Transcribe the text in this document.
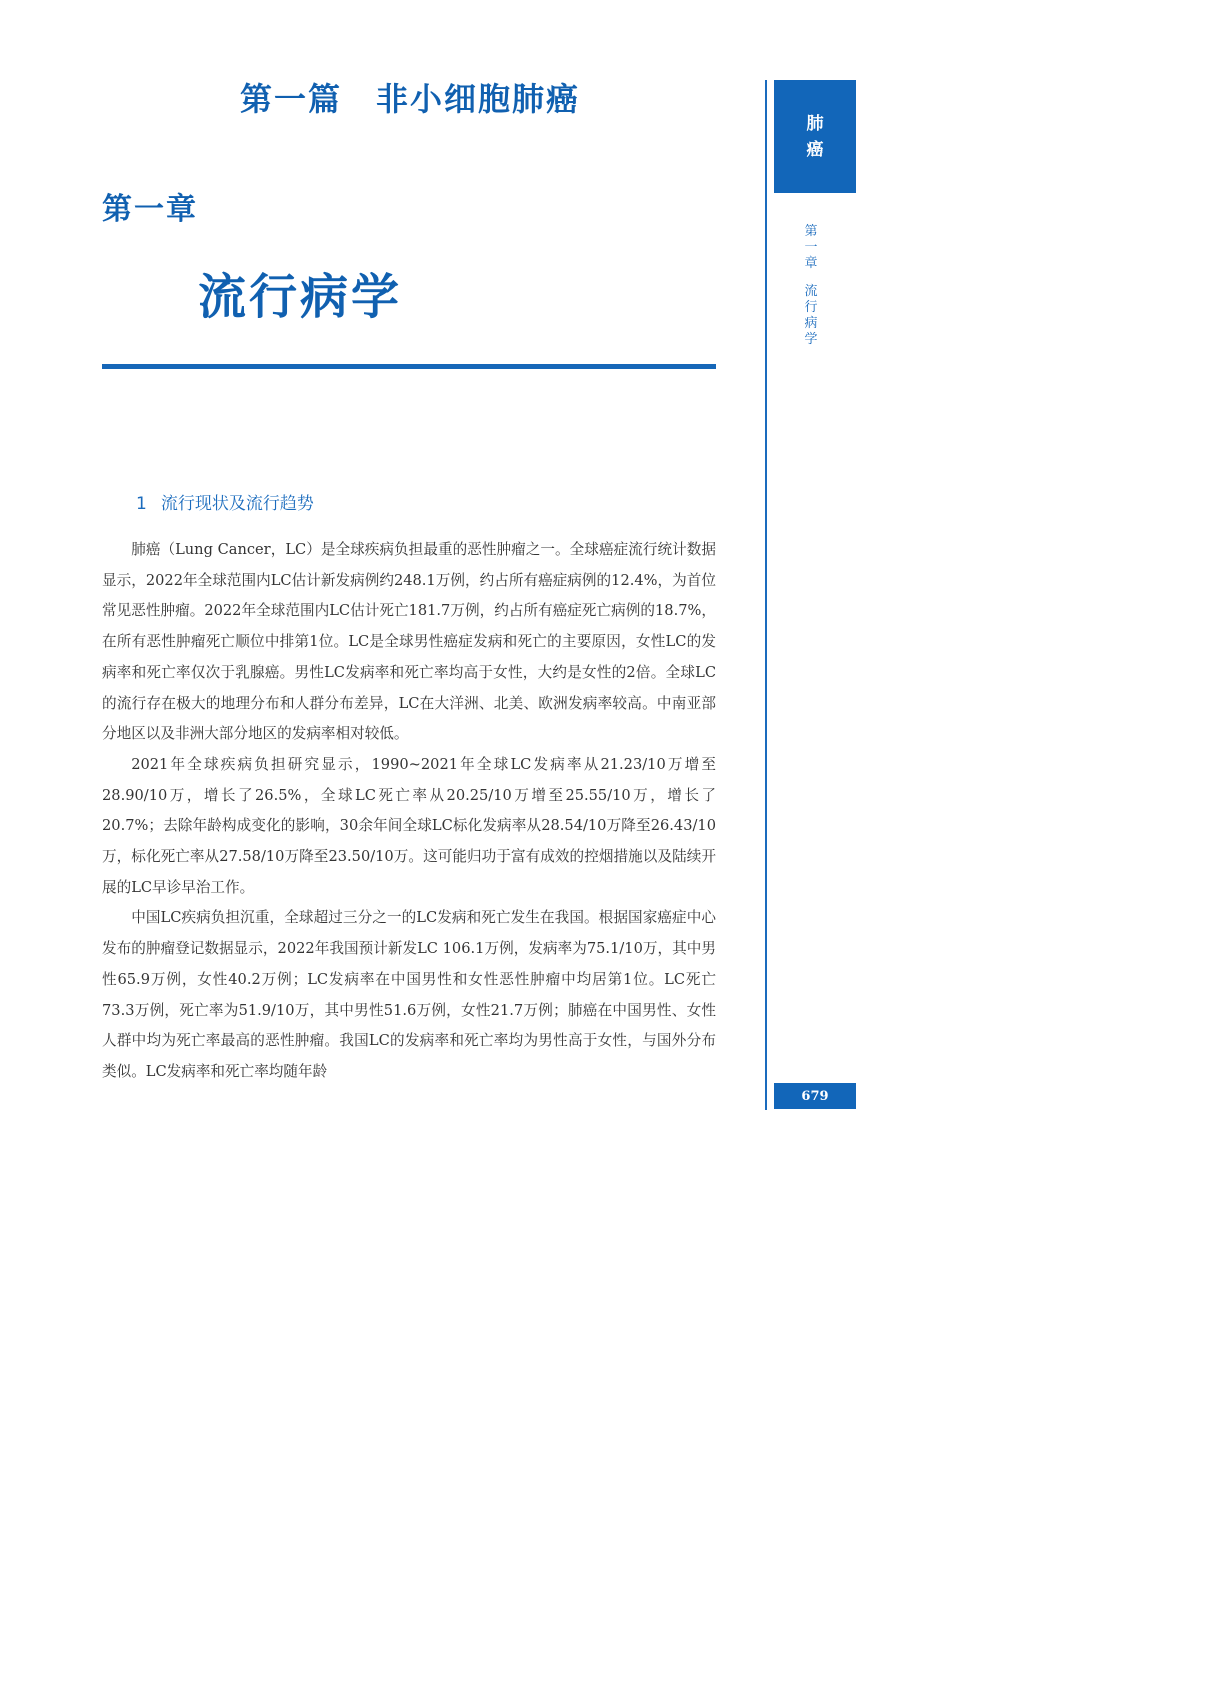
第一篇　非小细胞肺癌
第一章
流行病学
1 流行现状及流行趋势

肺癌（Lung Cancer，LC）是全球疾病负担最重的恶性肿瘤之一。全球癌症流行统计数据显示，2022年全球范围内LC估计新发病例约248.1万例，约占所有癌症病例的12.4%，为首位常见恶性肿瘤。2022年全球范围内LC估计死亡181.7万例，约占所有癌症死亡病例的18.7%，在所有恶性肿瘤死亡顺位中排第1位。LC是全球男性癌症发病和死亡的主要原因，女性LC的发病率和死亡率仅次于乳腺癌。男性LC发病率和死亡率均高于女性，大约是女性的2倍。全球LC的流行存在极大的地理分布和人群分布差异，LC在大洋洲、北美、欧洲发病率较高。中南亚部分地区以及非洲大部分地区的发病率相对较低。

2021年全球疾病负担研究显示，1990~2021年全球LC发病率从21.23/10万增至28.90/10万，增长了26.5%，全球LC死亡率从20.25/10万增至25.55/10万，增长了20.7%；去除年龄构成变化的影响，30余年间全球LC标化发病率从28.54/10万降至26.43/10万，标化死亡率从27.58/10万降至23.50/10万。这可能归功于富有成效的控烟措施以及陆续开展的LC早诊早治工作。

中国LC疾病负担沉重，全球超过三分之一的LC发病和死亡发生在我国。根据国家癌症中心发布的肿瘤登记数据显示，2022年我国预计新发LC 106.1万例，发病率为75.1/10万，其中男性65.9万例，女性40.2万例；LC发病率在中国男性和女性恶性肿瘤中均居第1位。LC死亡73.3万例，死亡率为51.9/10万，其中男性51.6万例，女性21.7万例；肺癌在中国男性、女性人群中均为死亡率最高的恶性肿瘤。我国LC的发病率和死亡率均为男性高于女性，与国外分布类似。LC发病率和死亡率均随年龄

肺
癌
第一章
流行病学
679
